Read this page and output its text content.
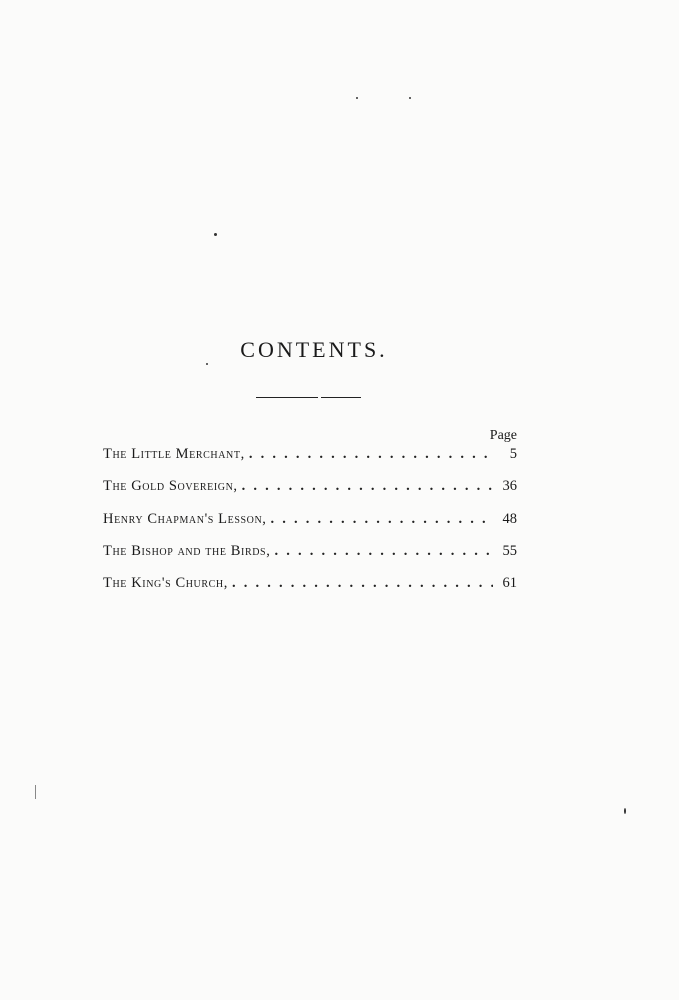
CONTENTS.
Page
The Little Merchant, . . .	5
The Gold Sovereign, . . .	36
Henry Chapman's Lesson, . . .	48
The Bishop and the Birds, . . .	55
The King's Church, . . .	61
